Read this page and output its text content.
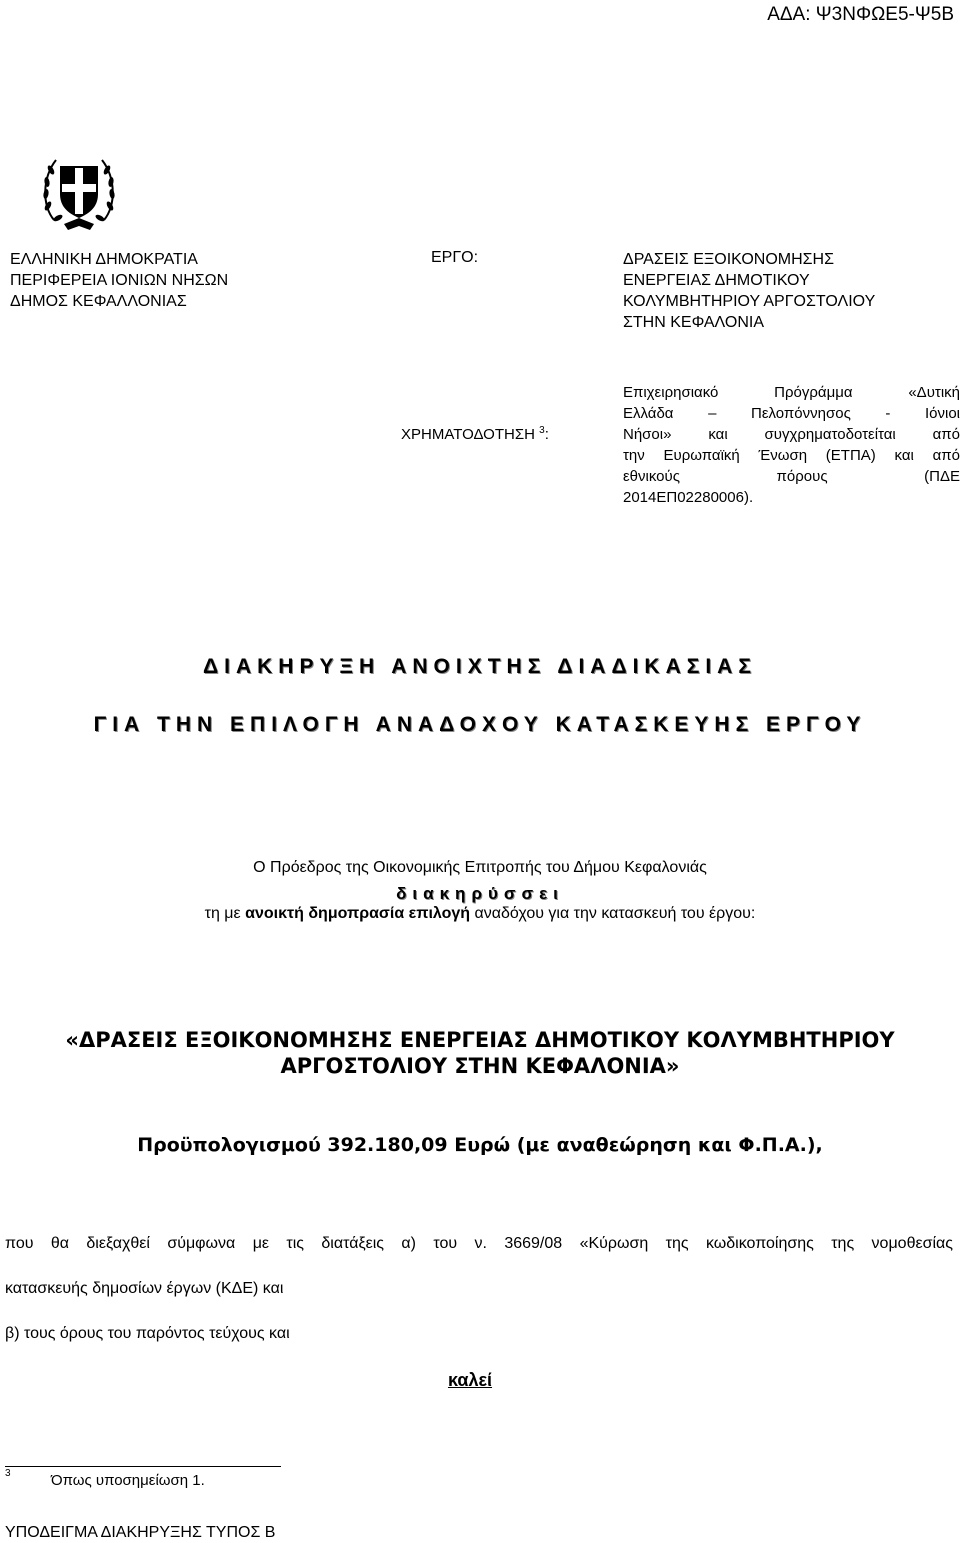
ΑΔΑ: Ψ3ΝΦΩΕ5-Ψ5Β
ΕΛΛΗΝΙΚΗ ΔΗΜΟΚΡΑΤΙΑ
ΠΕΡΙΦΕΡΕΙΑ ΙΟΝΙΩΝ ΝΗΣΩΝ
ΔΗΜΟΣ ΚΕΦΑΛΛΟΝΙΑΣ
ΕΡΓΟ:	ΔΡΑΣΕΙΣ ΕΞΟΙΚΟΝΟΜΗΣΗΣ
ΕΝΕΡΓΕΙΑΣ ΔΗΜΟΤΙΚΟΥ
ΚΟΛΥΜΒΗΤΗΡΙΟΥ ΑΡΓΟΣΤΟΛΙΟΥ
ΣΤΗΝ ΚΕΦΑΛΟΝΙΑ
ΧΡΗΜΑΤΟΔΟΤΗΣΗ $^3$:
Επιχειρησιακό Πρόγράμμα «Δυτική
Ελλάδα – Πελοπόννησος - Ιόνιοι
Νήσοι» και συγχρηματοδοτείται από
την Ευρωπαϊκή Ένωση (ΕΤΠΑ) και από
εθνικούς πόρους (ΠΔΕ
2014ΕΠ02280006).
ΔΙΑΚΗΡΥΞΗ ΑΝΟΙΧΤΗΣ ΔΙΑΔΙΚΑΣΙΑΣ
ΓΙΑ ΤΗΝ ΕΠΙΛΟΓΗ ΑΝΑΔΟΧΟΥ ΚΑΤΑΣΚΕΥΗΣ ΕΡΓΟΥ
Ο Πρόεδρος της Οικονομικής Επιτροπής του Δήμου Κεφαλονιάς
διακηρύσσει
τη με ανοικτή δημοπρασία επιλογή αναδόχου για την κατασκευή του έργου:
«ΔΡΑΣΕΙΣ ΕΞΟΙΚΟΝΟΜΗΣΗΣ ΕΝΕΡΓΕΙΑΣ ΔΗΜΟΤΙΚΟΥ ΚΟΛΥΜΒΗΤΗΡΙΟΥ
ΑΡΓΟΣΤΟΛΙΟΥ ΣΤΗΝ ΚΕΦΑΛΟΝΙΑ»
Προϋπολογισμού 392.180,09 Ευρώ (με αναθεώρηση και Φ.Π.Α.),
που θα διεξαχθεί σύμφωνα με τις διατάξεις α) του ν. 3669/08 «Κύρωση της κωδικοποίησης της νομοθεσίας
κατασκευής δημοσίων έργων (ΚΔΕ) και
β) τους όρους του παρόντος τεύχους και
καλεί
$^3$	Όπως υποσημείωση 1.
ΥΠΟΔΕΙΓΜΑ ΔΙΑΚΗΡΥΞΗΣ ΤΥΠΟΣ Β
